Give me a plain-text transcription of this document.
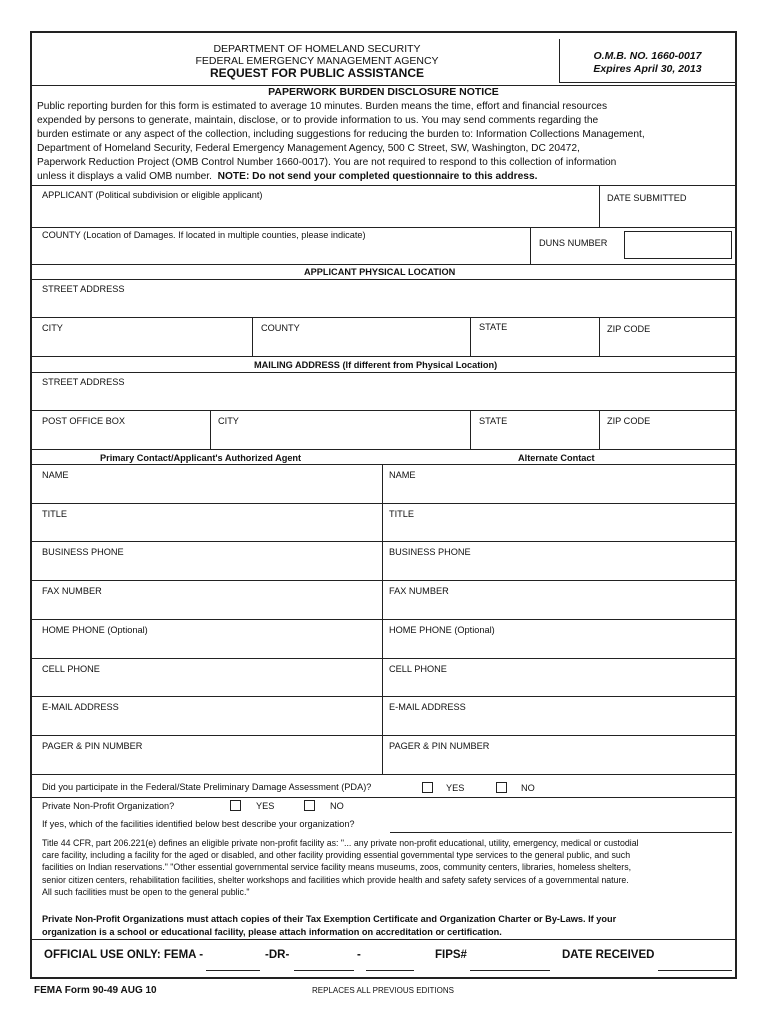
DEPARTMENT OF HOMELAND SECURITY
FEDERAL EMERGENCY MANAGEMENT AGENCY
REQUEST FOR PUBLIC ASSISTANCE
O.M.B. NO. 1660-0017
Expires April 30, 2013
PAPERWORK BURDEN DISCLOSURE NOTICE
Public reporting burden for this form is estimated to average 10 minutes. Burden means the time, effort and financial resources
expended by persons to generate, maintain, disclose, or to provide information to us. You may send comments regarding the
burden estimate or any aspect of the collection, including suggestions for reducing the burden to: Information Collections Management,
Department of Homeland Security, Federal Emergency Management Agency, 500 C Street, SW, Washington, DC 20472,
Paperwork Reduction Project (OMB Control Number 1660-0017). You are not required to respond to this collection of information
unless it displays a valid OMB number. NOTE: Do not send your completed questionnaire to this address.
APPLICANT (Political subdivision or eligible applicant)	DATE SUBMITTED
COUNTY (Location of Damages. If located in multiple counties, please indicate)
DUNS NUMBER
APPLICANT PHYSICAL LOCATION
STREET ADDRESS
CITY	COUNTY	STATE	ZIP CODE
MAILING ADDRESS (If different from Physical Location)
STREET ADDRESS
POST OFFICE BOX	CITY	STATE	ZIP CODE
Primary Contact/Applicant's Authorized Agent	Alternate Contact
NAME	NAME
TITLE	TITLE
BUSINESS PHONE	BUSINESS PHONE
FAX NUMBER	FAX NUMBER
HOME PHONE (Optional)	HOME PHONE (Optional)
CELL PHONE	CELL PHONE
E-MAIL ADDRESS	E-MAIL ADDRESS
PAGER & PIN NUMBER	PAGER & PIN NUMBER
Did you participate in the Federal/State Preliminary Damage Assessment (PDA)?	YES	NO
Private Non-Profit Organization?	YES	NO
If yes, which of the facilities identified below best describe your organization?
Title 44 CFR, part 206.221(e) defines an eligible private non-profit facility as: "... any private non-profit educational, utility, emergency, medical or custodial
care facility, including a facility for the aged or disabled, and other facility providing essential governmental type services to the general public, and such
facilities on Indian reservations." "Other essential governmental service facility means museums, zoos, community centers, libraries, homeless shelters,
senior citizen centers, rehabilitation facilities, shelter workshops and facilities which provide health and safety safety services of a governmental nature.
All such facilities must be open to the general public."
Private Non-Profit Organizations must attach copies of their Tax Exemption Certificate and Organization Charter or By-Laws. If your
organization is a school or educational facility, please attach information on accreditation or certification.
OFFICIAL USE ONLY: FEMA -	-DR-	-	FIPS#	DATE RECEIVED
FEMA Form 90-49 AUG 10	REPLACES ALL PREVIOUS EDITIONS
